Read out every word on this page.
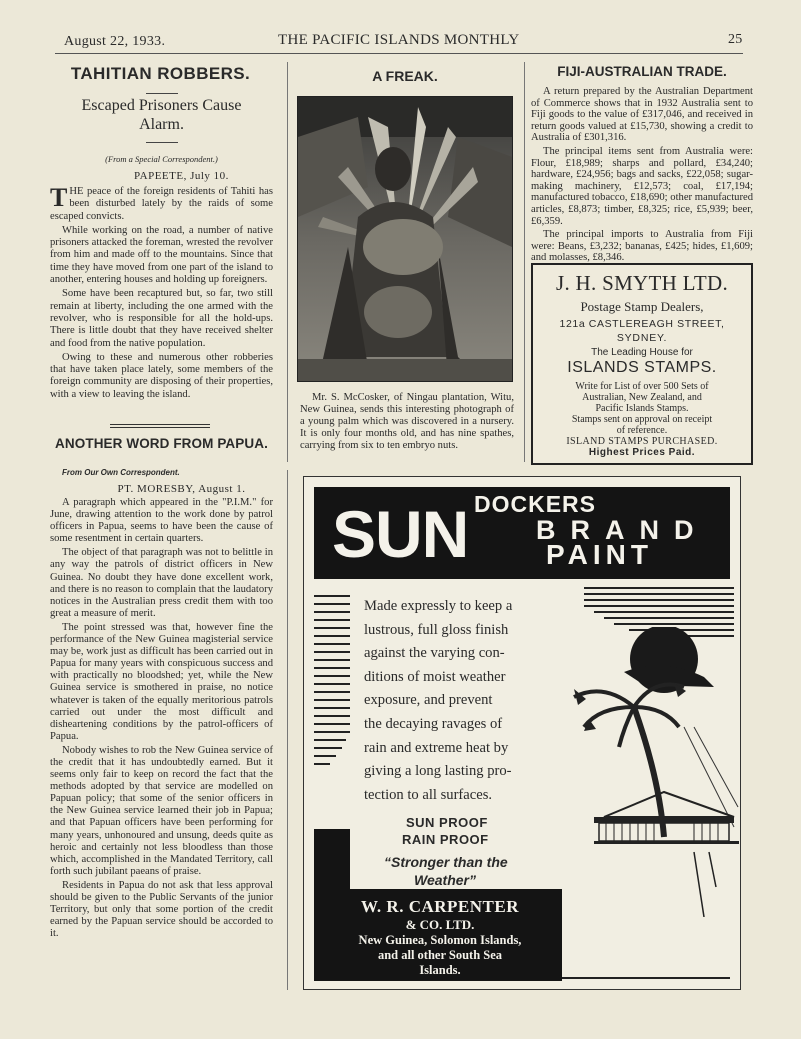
August 22, 1933.	THE PACIFIC ISLANDS MONTHLY	25
TAHITIAN ROBBERS.
Escaped Prisoners Cause Alarm.
(From a Special Correspondent.)
PAPEETE, July 10.

THE peace of the foreign residents of Tahiti has been disturbed lately by the raids of some escaped convicts.

While working on the road, a number of native prisoners attacked the foreman, wrested the revolver from him and made off to the mountains. Since that time they have moved from one part of the island to another, entering houses and holding up foreigners.

Some have been recaptured but, so far, two still remain at liberty, including the one armed with the revolver, who is responsible for all the hold-ups. There is little doubt that they have received shelter and food from the native population.

Owing to these and numerous other robberies that have taken place lately, some members of the foreign community are disposing of their properties, with a view to leaving the island.

ANOTHER WORD FROM PAPUA.
From Our Own Correspondent.
PT. MORESBY, August 1.

A paragraph which appeared in the "P.I.M." for June, drawing attention to the work done by patrol officers in Papua, seems to have been the cause of some resentment in certain quarters.

The object of that paragraph was not to belittle in any way the patrols of district officers in New Guinea. No doubt they have done excellent work, and there is no reason to complain that the laudatory notices in the Australian press credit them with too great a measure of merit.

The point stressed was that, however fine the performance of the New Guinea magisterial service may be, work just as difficult has been carried out in Papua for many years with conspicuous success and with practically no bloodshed; yet, while the New Guinea service is smothered in praise, no notice whatever is taken of the equally meritorious patrols carried out under the most difficult and disheartening conditions by the patrol-officers of Papua.

Nobody wishes to rob the New Guinea service of the credit that it has undoubtedly earned. But it seems only fair to keep on record the fact that the methods adopted by that service are modelled on Papuan policy; that some of the senior officers in the New Guinea service learned their job in Papua; and that Papuan officers have been performing for many years, unhonoured and unsung, deeds quite as heroic and certainly not less bloodless than those which, accomplished in the Mandated Territory, call forth such jubilant paeans of praise.

Residents in Papua do not ask that less approval should be given to the Public Servants of the junior Territory, but only that some portion of the credit earned by the Papuan service should be accorded to it.

A FREAK.
Mr. S. McCosker, of Ningau plantation, Witu, New Guinea, sends this interesting photograph of a young palm which was discovered in a nursery. It is only four months old, and has nine spathes, carrying from six to ten embryo nuts.
FIJI-AUSTRALIAN TRADE.

A return prepared by the Australian Department of Commerce shows that in 1932 Australia sent to Fiji goods to the value of £317,046, and received in return goods valued at £15,730, showing a credit to Australia of £301,316.

The principal items sent from Australia were: Flour, £18,989; sharps and pollard, £34,240; hardware, £24,956; bags and sacks, £22,058; sugar-making machinery, £12,573; coal, £17,194; manufactured tobacco, £18,690; other manufactured articles, £8,873; timber, £8,325; rice, £5,939; beer, £6,359.

The principal imports to Australia from Fiji were: Beans, £3,232; bananas, £425; hides, £1,609; and molasses, £8,346.

J. H. SMYTH LTD.
Postage Stamp Dealers,
121a CASTLEREAGH STREET,
SYDNEY.
The Leading House for
ISLANDS STAMPS.
Write for List of over 500 Sets of
Australian, New Zealand, and
Pacific Islands Stamps.
Stamps sent on approval on receipt
of reference.
ISLAND STAMPS PURCHASED.
Highest Prices Paid.
DOCKERS
SUN	BRAND
PAINT
Made expressly to keep a
lustrous, full gloss finish
against the varying con-
ditions of moist weather
exposure, and prevent
the decaying ravages of
rain and extreme heat by
giving a long lasting pro-
tection to all surfaces.
SUN PROOF
RAIN PROOF
“Stronger than the
Weather”
W. R. CARPENTER
& CO. LTD.
New Guinea, Solomon Islands,
and all other South Sea
Islands.
